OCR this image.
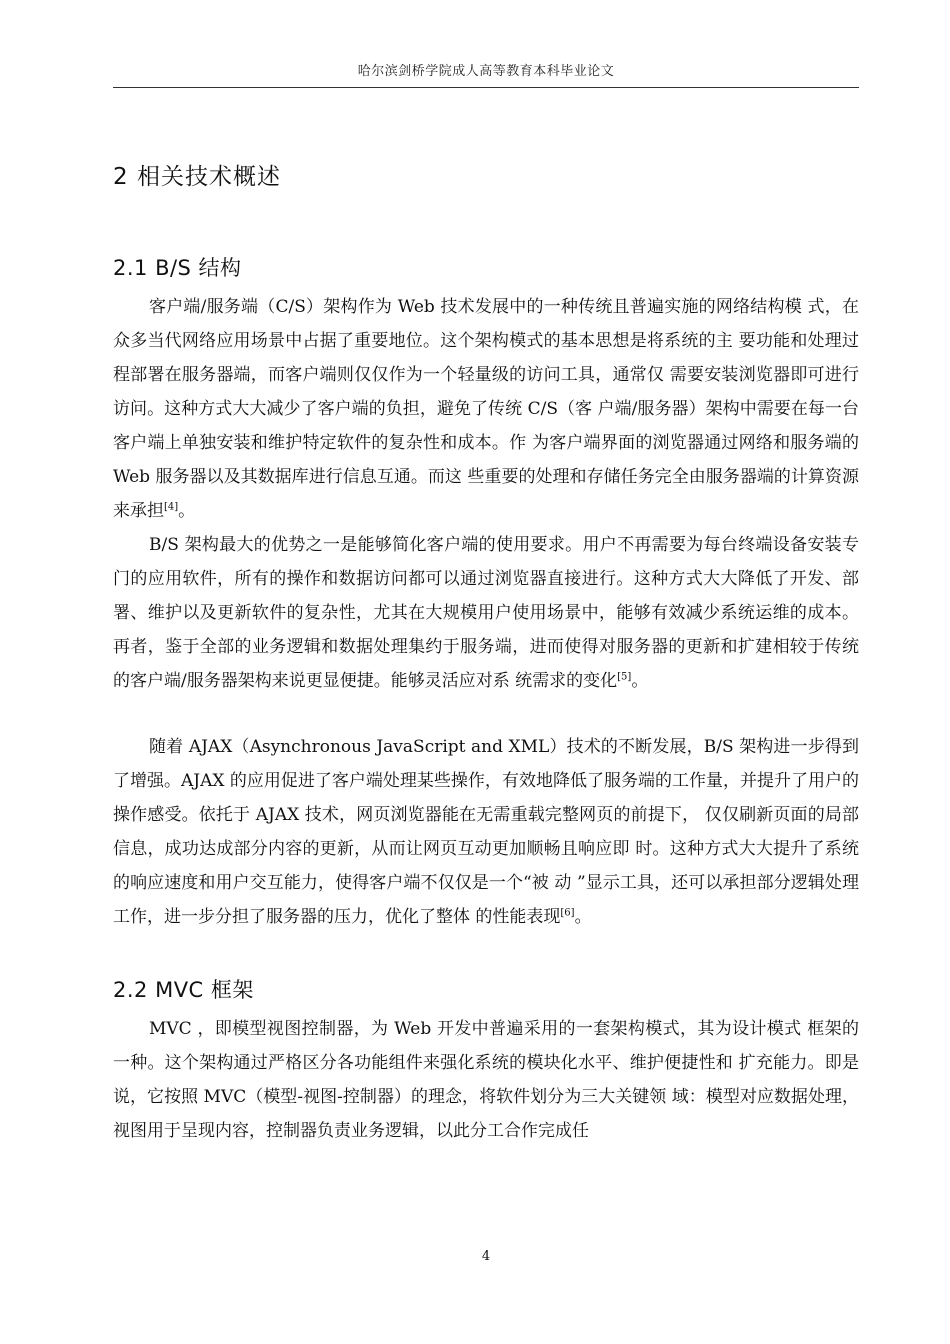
哈尔滨剑桥学院成人高等教育本科毕业论文
2 相关技术概述
2.1 B/S 结构

客户端/服务端（C/S）架构作为 Web 技术发展中的一种传统且普遍实施的网络结构模 式，在众多当代网络应用场景中占据了重要地位。这个架构模式的基本思想是将系统的主 要功能和处理过程部署在服务器端，而客户端则仅仅作为一个轻量级的访问工具，通常仅 需要安装浏览器即可进行访问。这种方式大大减少了客户端的负担，避免了传统 C/S（客 户端/服务器）架构中需要在每一台客户端上单独安装和维护特定软件的复杂性和成本。作 为客户端界面的浏览器通过网络和服务端的 Web 服务器以及其数据库进行信息互通。而这 些重要的处理和存储任务完全由服务器端的计算资源来承担[4]。

B/S 架构最大的优势之一是能够简化客户端的使用要求。用户不再需要为每台终端设备安装专门的应用软件，所有的操作和数据访问都可以通过浏览器直接进行。这种方式大大降低了开发、部署、维护以及更新软件的复杂性，尤其在大规模用户使用场景中，能够有效减少系统运维的成本。再者，鉴于全部的业务逻辑和数据处理集约于服务端，进而使得对服务器的更新和扩建相较于传统的客户端/服务器架构来说更显便捷。能够灵活应对系 统需求的变化[5]。

随着 AJAX（Asynchronous JavaScript and XML）技术的不断发展，B/S 架构进一步得到了增强。AJAX 的应用促进了客户端处理某些操作，有效地降低了服务端的工作量，并提升了用户的操作感受。依托于 AJAX 技术，网页浏览器能在无需重载完整网页的前提下， 仅仅刷新页面的局部信息，成功达成部分内容的更新，从而让网页互动更加顺畅且响应即 时。这种方式大大提升了系统的响应速度和用户交互能力，使得客户端不仅仅是一个“被 动 ”显示工具，还可以承担部分逻辑处理工作，进一步分担了服务器的压力，优化了整体 的性能表现[6]。

2.2 MVC 框架

MVC ，即模型视图控制器，为 Web 开发中普遍采用的一套架构模式，其为设计模式 框架的一种。这个架构通过严格区分各功能组件来强化系统的模块化水平、维护便捷性和 扩充能力。即是说，它按照 MVC（模型-视图-控制器）的理念，将软件划分为三大关键领 域：模型对应数据处理，视图用于呈现内容，控制器负责业务逻辑，以此分工合作完成任

4
